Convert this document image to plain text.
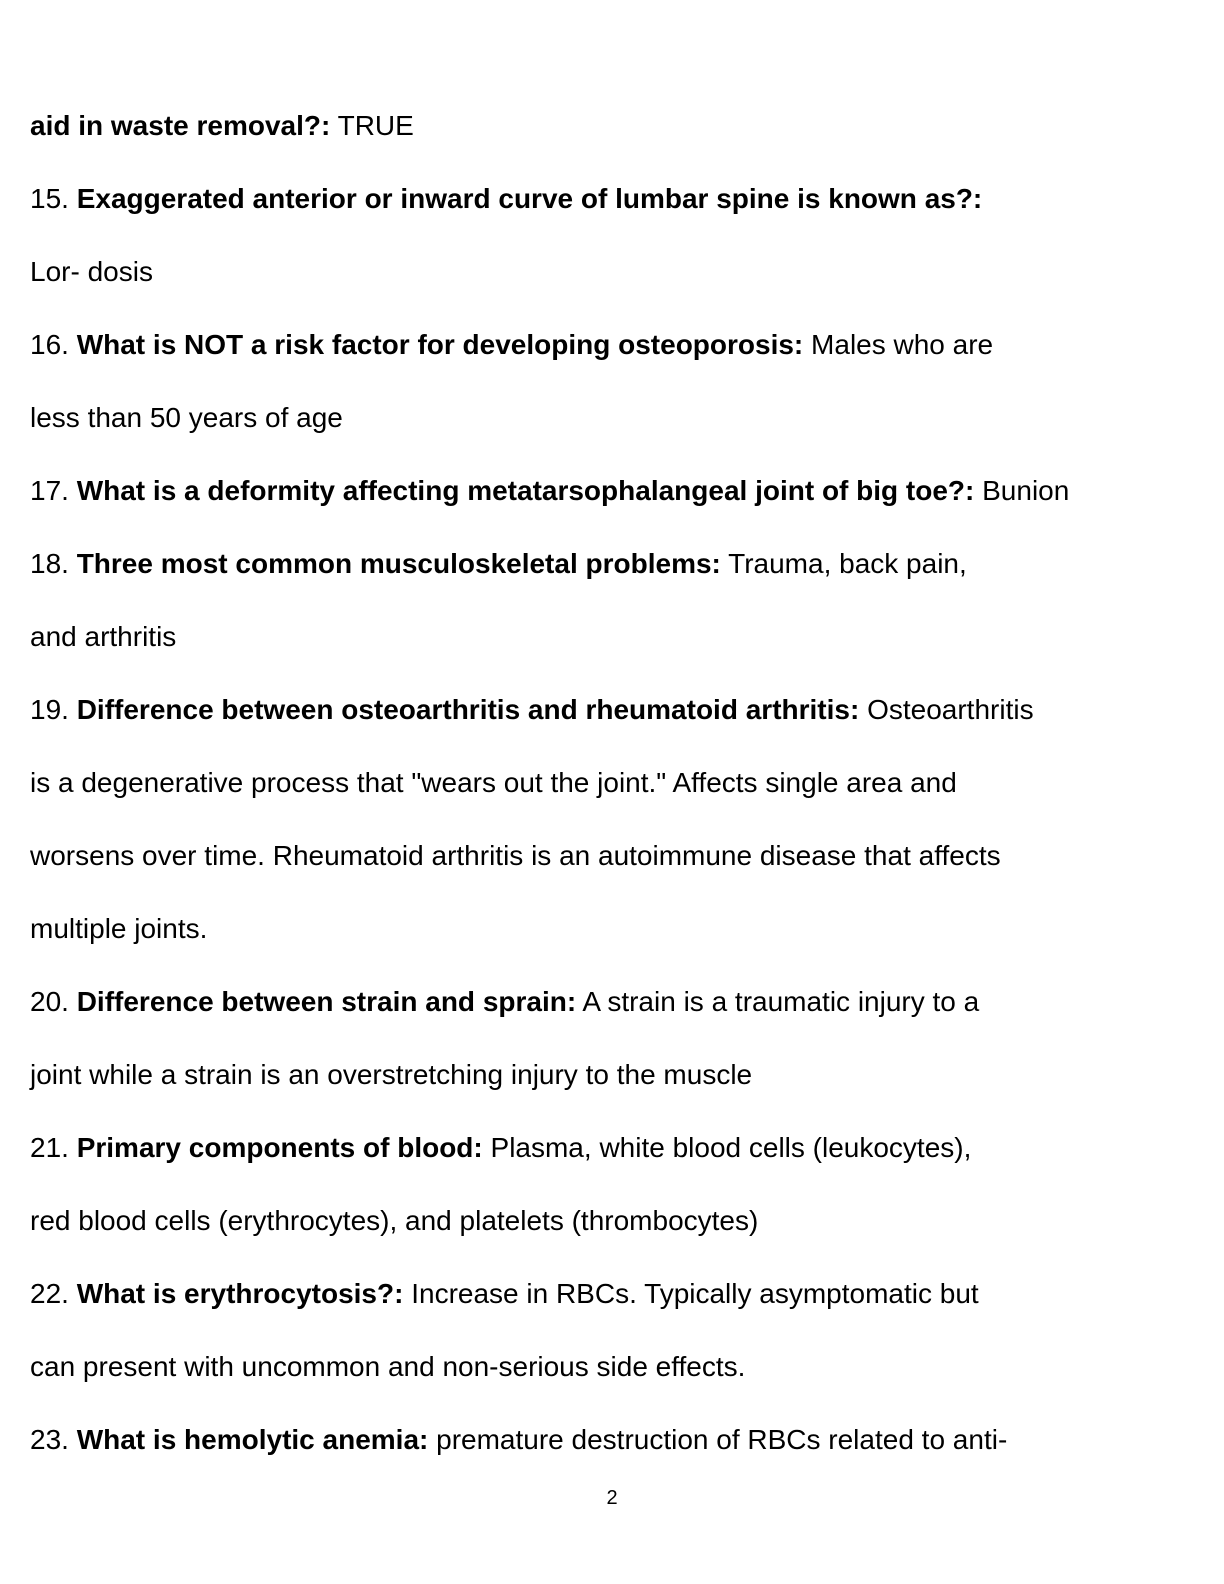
aid in waste removal?: TRUE
15. Exaggerated anterior or inward curve of lumbar spine is known as?:
Lor- dosis
16. What is NOT a risk factor for developing osteoporosis: Males who are
less than 50 years of age
17. What is a deformity affecting metatarsophalangeal joint of big toe?: Bunion
18. Three most common musculoskeletal problems: Trauma, back pain,
and arthritis
19. Difference between osteoarthritis and rheumatoid arthritis: Osteoarthritis
is a degenerative process that "wears out the joint." Affects single area and
worsens over time. Rheumatoid arthritis is an autoimmune disease that affects
multiple joints.
20. Difference between strain and sprain: A strain is a traumatic injury to a
joint while a strain is an overstretching injury to the muscle
21. Primary components of blood: Plasma, white blood cells (leukocytes),
red blood cells (erythrocytes), and platelets (thrombocytes)
22. What is erythrocytosis?: Increase in RBCs. Typically asymptomatic but
can present with uncommon and non-serious side effects.
23. What is hemolytic anemia: premature destruction of RBCs related to anti-
2
